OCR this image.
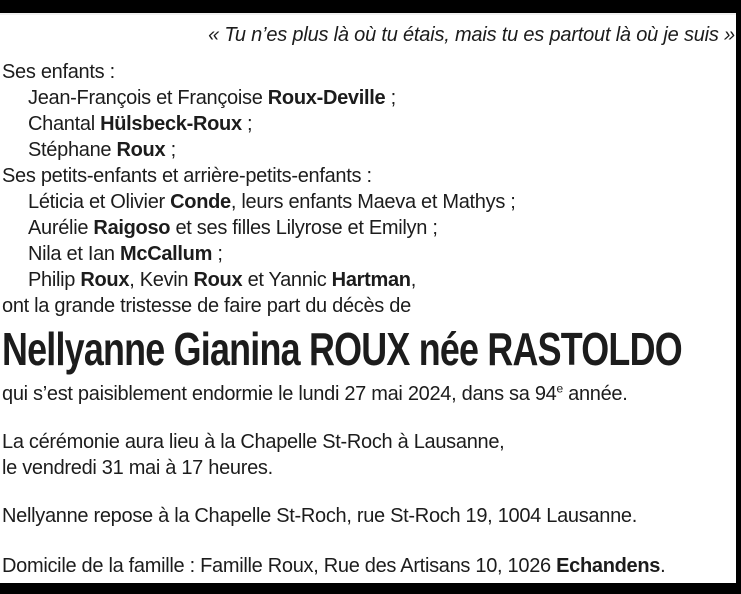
« Tu n’es plus là où tu étais, mais tu es partout là où je suis »
Ses enfants :
Jean-François et Françoise Roux-Deville ;
Chantal Hülsbeck-Roux ;
Stéphane Roux ;
Ses petits-enfants et arrière-petits-enfants :
Léticia et Olivier Conde, leurs enfants Maeva et Mathys ;
Aurélie Raigoso et ses filles Lilyrose et Emilyn ;
Nila et Ian McCallum ;
Philip Roux, Kevin Roux et Yannic Hartman,
ont la grande tristesse de faire part du décès de
Nellyanne Gianina ROUX née RASTOLDO
qui s’est paisiblement endormie le lundi 27 mai 2024, dans sa 94e année.
La cérémonie aura lieu à la Chapelle St-Roch à Lausanne,
le vendredi 31 mai à 17 heures.
Nellyanne repose à la Chapelle St-Roch, rue St-Roch 19, 1004 Lausanne.
Domicile de la famille : Famille Roux, Rue des Artisans 10, 1026 Echandens.
